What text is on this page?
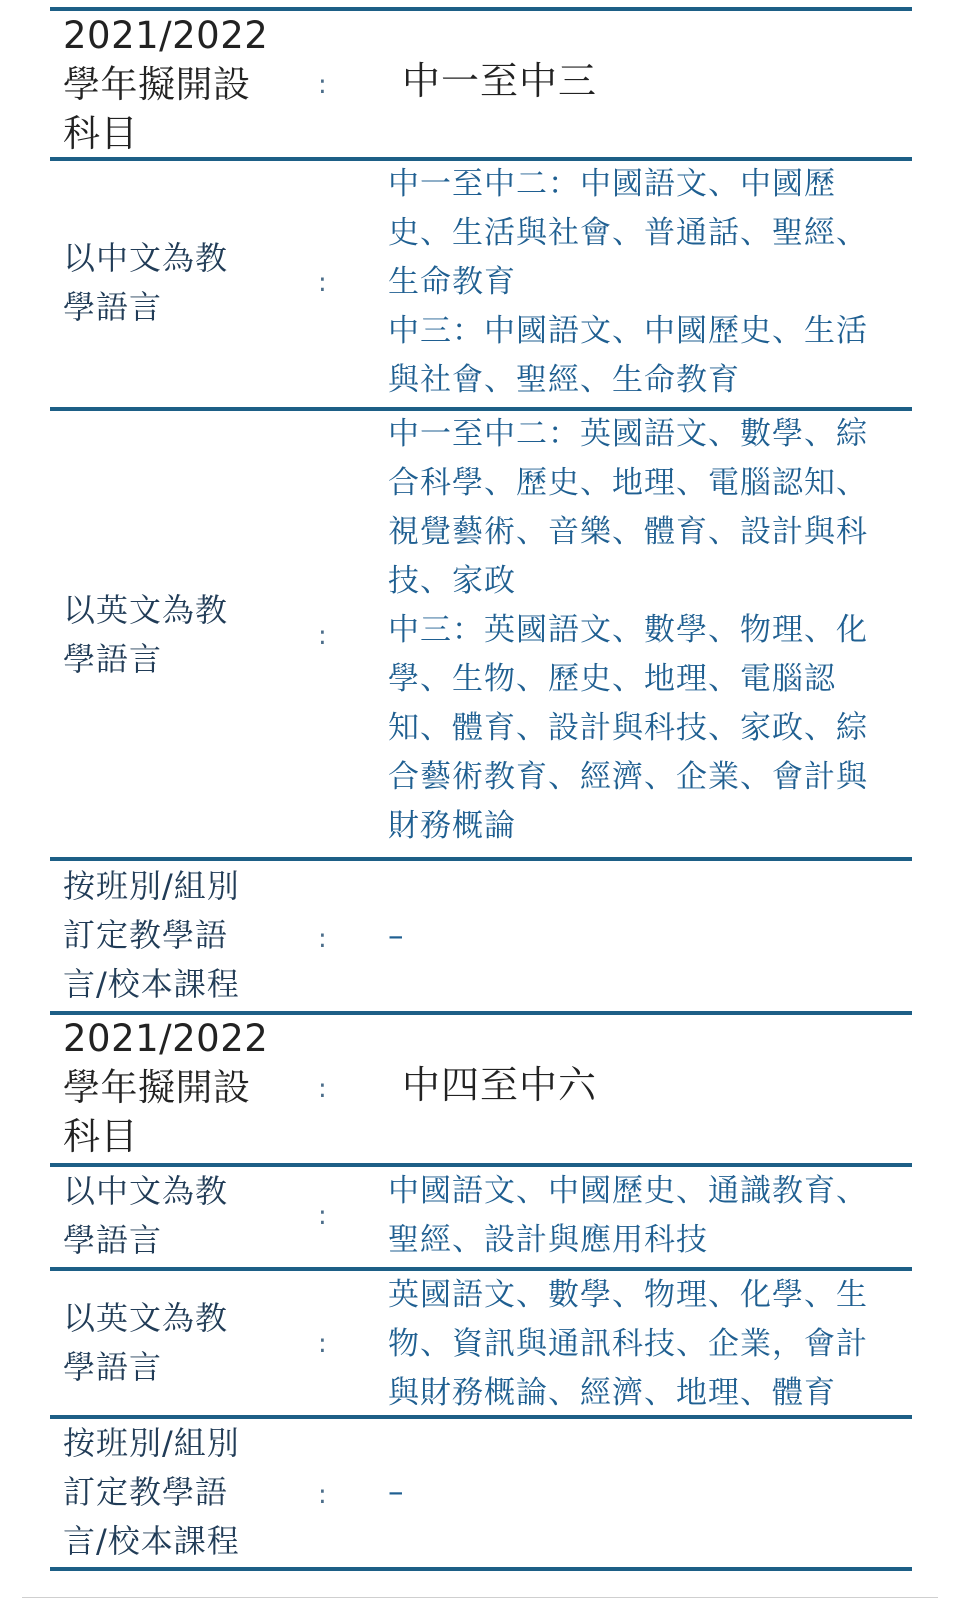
2021/2022
學年擬開設
科目
: 中一至中三
以中文為教
學語言
:
中一至中二：中國語文、中國歷
史、生活與社會、普通話、聖經、
生命教育
中三：中國語文、中國歷史、生活
與社會、聖經、生命教育
以英文為教
學語言
:
中一至中二：英國語文、數學、綜
合科學、歷史、地理、電腦認知、
視覺藝術、音樂、體育、設計與科
技、家政
中三：英國語文、數學、物理、化
學、生物、歷史、地理、電腦認
知、體育、設計與科技、家政、綜
合藝術教育、經濟、企業、會計與
財務概論
按班別/組別
訂定教學語
言/校本課程
: –
2021/2022
學年擬開設
科目
: 中四至中六
以中文為教
學語言
:
中國語文、中國歷史、通識教育、
聖經、設計與應用科技
以英文為教
學語言
:
英國語文、數學、物理、化學、生
物、資訊與通訊科技、企業，會計
與財務概論、經濟、地理、體育
按班別/組別
訂定教學語
言/校本課程
: –
